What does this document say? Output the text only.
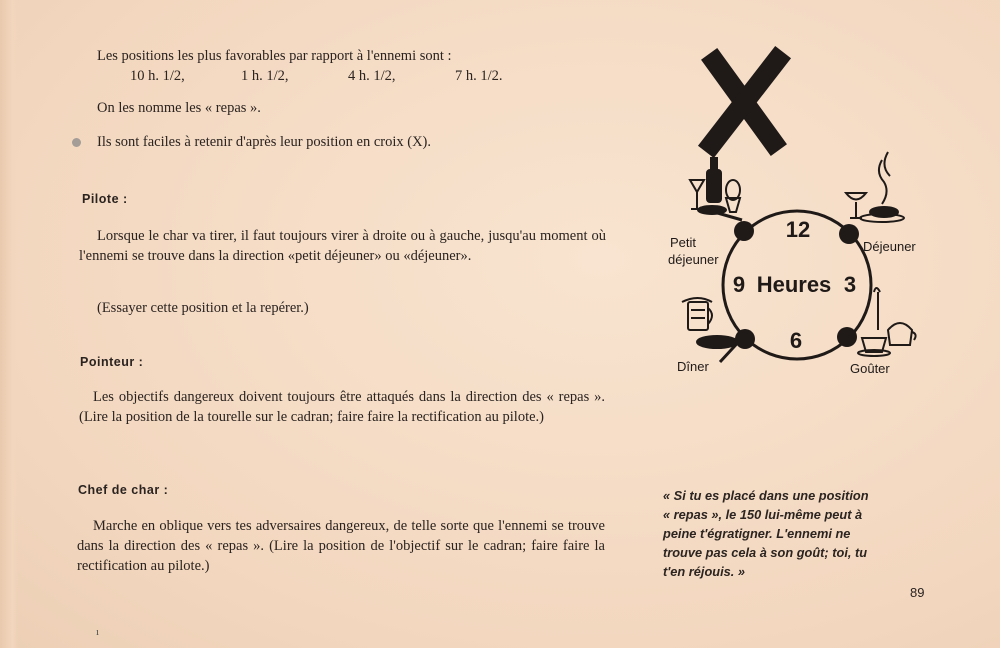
Les positions les plus favorables par rapport à l'ennemi sont :
10 h. 1/2,	1 h. 1/2,	4 h. 1/2,	7 h. 1/2.
On les nomme les « repas ».
Ils sont faciles à retenir d'après leur position en croix (X).
Pilote :
Lorsque le char va tirer, il faut toujours virer à droite ou à gauche, jusqu'au moment où l'ennemi se trouve dans la direction «petit déjeuner» ou «déjeuner».
(Essayer cette position et la repérer.)
Pointeur :
Les objectifs dangereux doivent toujours être attaqués dans la direction des « repas ». (Lire la position de la tourelle sur le cadran; faire faire la rectification au pilote.)
Chef de char :
Marche en oblique vers tes adversaires dangereux, de telle sorte que l'ennemi se trouve dans la direction des « repas ». (Lire la position de l'objectif sur le cadran; faire faire la rectification au pilote.)
12
3
6
9 Heures
Petit déjeuner
Déjeuner
Dîner	Goûter
« Si tu es placé dans une position
« repas », le 150 lui-même peut à
peine t'égratigner. L'ennemi ne
trouve pas cela à son goût; toi, tu
t'en réjouis. »
89
ı
